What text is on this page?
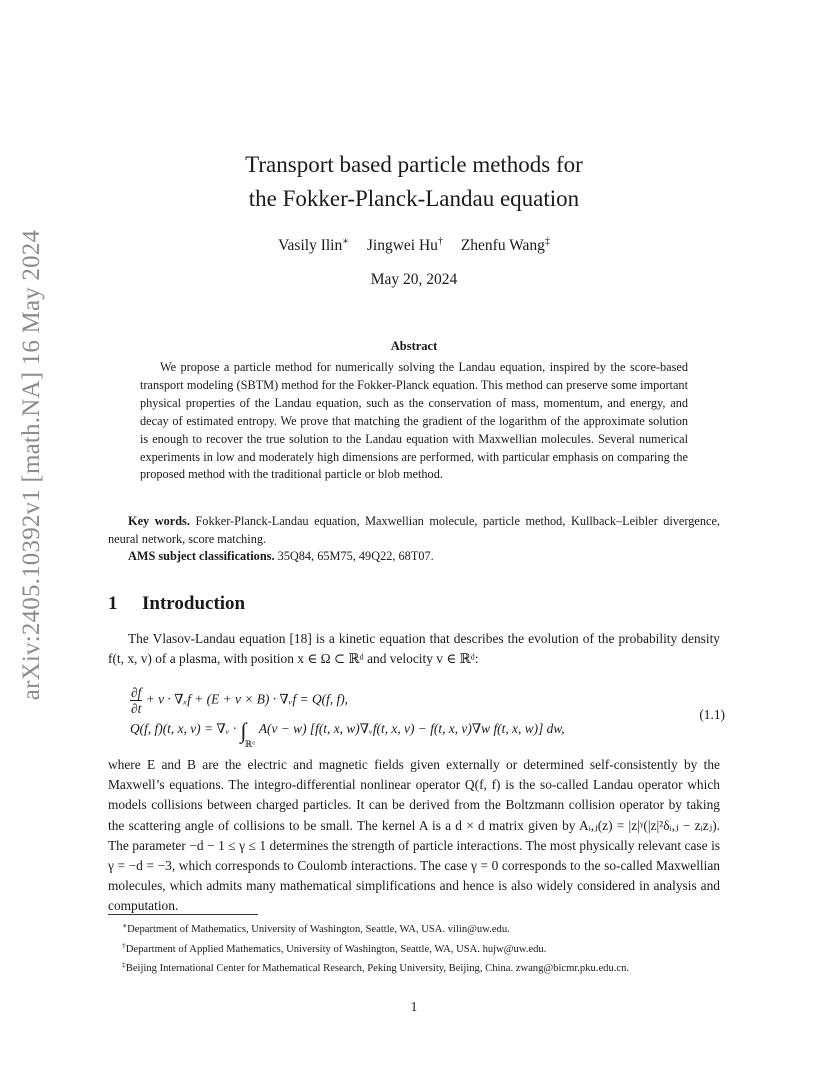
arXiv:2405.10392v1 [math.NA] 16 May 2024
Transport based particle methods for
the Fokker-Planck-Landau equation
Vasily Ilin∗ Jingwei Hu† Zhenfu Wang‡
May 20, 2024
Abstract
We propose a particle method for numerically solving the Landau equation, inspired by the score-based transport modeling (SBTM) method for the Fokker-Planck equation. This method can preserve some important physical properties of the Landau equation, such as the conservation of mass, momentum, and energy, and decay of estimated entropy. We prove that matching the gradient of the logarithm of the approximate solution is enough to recover the true solution to the Landau equation with Maxwellian molecules. Several numerical experiments in low and moderately high dimensions are performed, with particular emphasis on comparing the proposed method with the traditional particle or blob method.
Key words. Fokker-Planck-Landau equation, Maxwellian molecule, particle method, Kullback–Leibler divergence, neural network, score matching.
AMS subject classifications. 35Q84, 65M75, 49Q22, 68T07.
1 Introduction
The Vlasov-Landau equation [18] is a kinetic equation that describes the evolution of the probability density f(t, x, v) of a plasma, with position x ∈ Ω ⊂ ℝᵈ and velocity v ∈ ℝᵈ:
$\frac{\partial f}{\partial t} + v \cdot \nabla_xf + (E + v \times B)$ · ∇ᵥf = Q(f, f),
Q(f, f)(t, x, v) = ∇ᵥ · $\int_{ℝᵈ}A(v - w)$ [f(t, x, w)∇ᵥf(t, x, v) − f(t, x, v)∇w f(t, x, w)] dw,
(1.1)
where E and B are the electric and magnetic fields given externally or determined self-consistently by the Maxwell’s equations. The integro-differential nonlinear operator Q(f, f) is the so-called Landau operator which models collisions between charged particles. It can be derived from the Boltzmann collision operator by taking the scattering angle of collisions to be small. The kernel A is a d × d matrix given by Aᵢ,ⱼ(z) = |z|ᵞ(|z|²δᵢ,ⱼ − zᵢzⱼ). The parameter −d − 1 ≤ γ ≤ 1 determines the strength of particle interactions. The most physically relevant case is γ = −d = −3, which corresponds to Coulomb interactions. The case γ = 0 corresponds to the so-called Maxwellian molecules, which admits many mathematical simplifications and hence is also widely considered in analysis and computation.
∗Department of Mathematics, University of Washington, Seattle, WA, USA. vilin@uw.edu.
†Department of Applied Mathematics, University of Washington, Seattle, WA, USA. hujw@uw.edu.
‡Beijing International Center for Mathematical Research, Peking University, Beijing, China. zwang@bicmr.pku.edu.cn.
1
